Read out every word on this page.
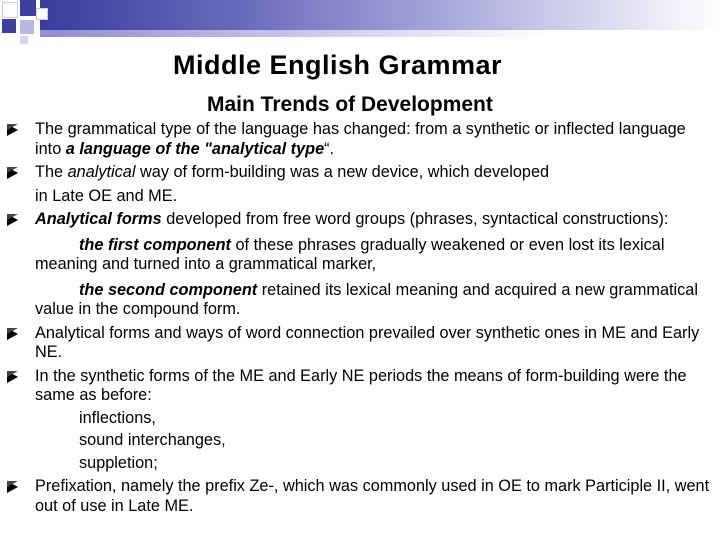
Middle English Grammar
Main Trends of Development
The grammatical type of the language has changed: from a synthetic or inflected language into a language of the "analytical type“.
The analytical way of form-building was a new device, which developed
in Late OE and ME.
Analytical forms developed from free word groups (phrases, syntactical constructions):
the first component of these phrases gradually weakened or even lost its lexical meaning and turned into a grammatical marker,
the second component retained its lexical meaning and acquired a new grammatical value in the compound form.
Analytical forms and ways of word connection prevailed over synthetic ones in ME and Early NE.
In the synthetic forms of the ME and Early NE periods the means of form-building were the same as before:
inflections,
sound interchanges,
suppletion;
Prefixation, namely the prefix Ze-, which was commonly used in OE to mark Participle II, went out of use in Late ME.
